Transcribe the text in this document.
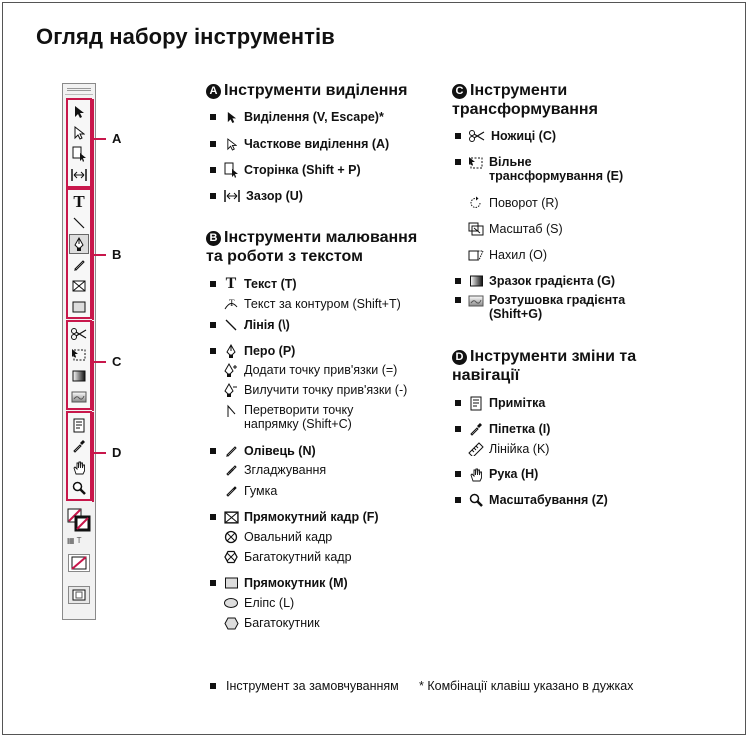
Огляд набору інструментів
T
▦ T
A
B
C
D
A Інструменти виділення
Виділення (V, Escape)*
Часткове виділення (A)
Сторінка (Shift + P)
Зазор (U)
B Інструменти малювання
та роботи з текстом
T Текст (T)
T Текст за контуром (Shift+T)
Лінія (\)
Перо (P)
Додати точку прив'язки (=)
Вилучити точку прив'язки (-)
Перетворити точку
напрямку (Shift+C)
Олівець (N)
Згладжування
Гумка
Прямокутний кадр (F)
Овальний кадр
Багатокутний кадр
Прямокутник (M)
Еліпс (L)
Багатокутник
C Інструменти
трансформування
Ножиці (C)
Вільне
трансформування (E)
Поворот (R)
Масштаб (S)
Нахил (O)
Зразок градієнта (G)
Розтушовка градієнта
(Shift+G)
D Інструменти зміни та
навігації
Примітка
Піпетка (I)
Лінійка (K)
Рука (H)
Масштабування (Z)
Інструмент за замовчуванням * Комбінації клавіш указано в дужках
